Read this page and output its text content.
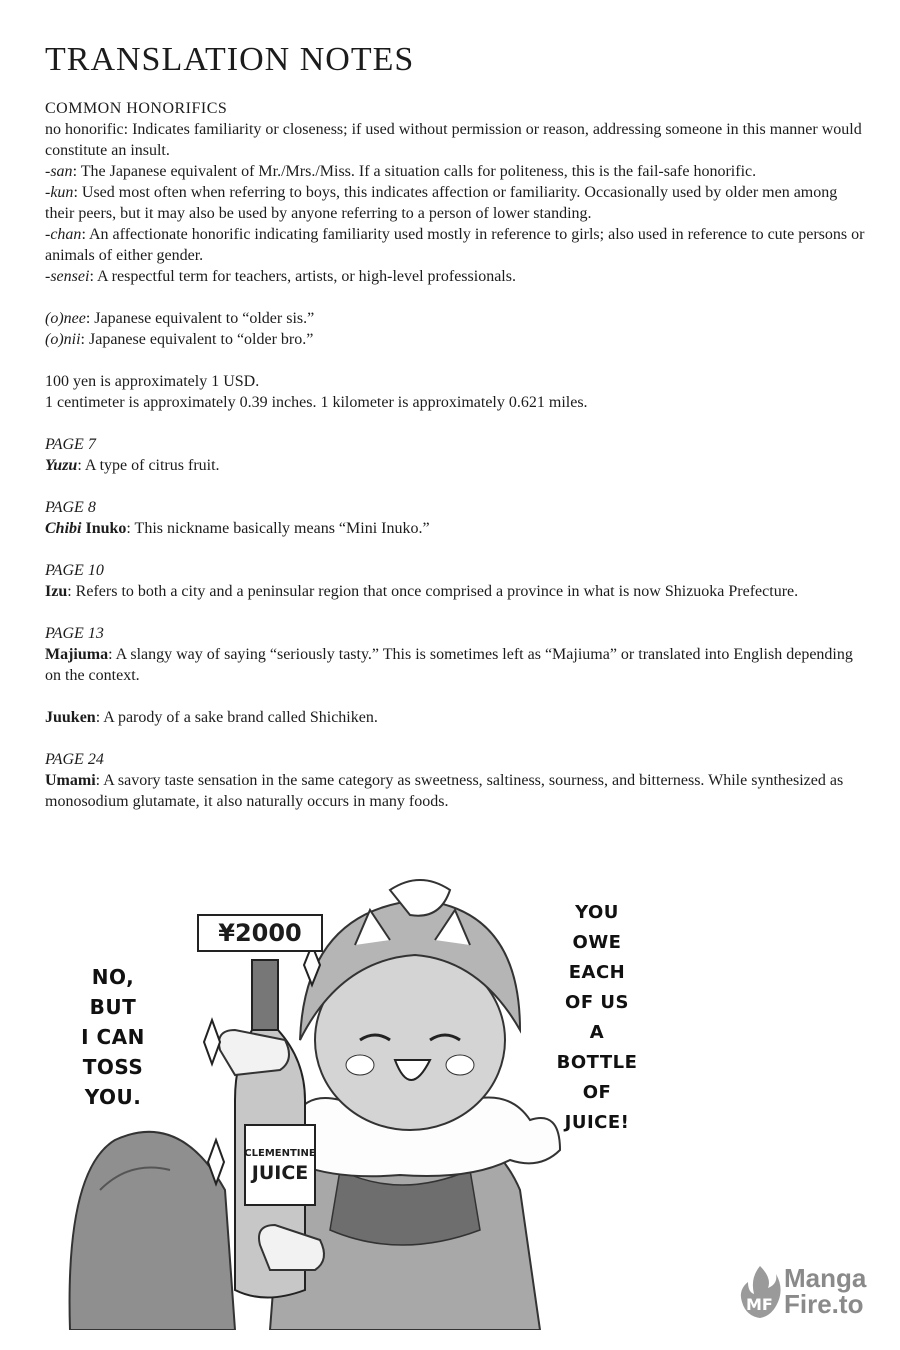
TRANSLATION NOTES
COMMON HONORIFICS

no honorific: Indicates familiarity or closeness; if used without permission or reason, addressing someone in this manner would constitute an insult.

-san: The Japanese equivalent of Mr./Mrs./Miss. If a situation calls for politeness, this is the fail-safe honorific.

-kun: Used most often when referring to boys, this indicates affection or familiarity. Occasionally used by older men among their peers, but it may also be used by anyone referring to a person of lower standing.

-chan: An affectionate honorific indicating familiarity used mostly in reference to girls; also used in reference to cute persons or animals of either gender.

-sensei: A respectful term for teachers, artists, or high-level professionals.

(o)nee: Japanese equivalent to “older sis.”

(o)nii: Japanese equivalent to “older bro.”

100 yen is approximately 1 USD.

1 centimeter is approximately 0.39 inches. 1 kilometer is approximately 0.621 miles.

PAGE 7

Yuzu: A type of citrus fruit.

PAGE 8

Chibi Inuko: This nickname basically means “Mini Inuko.”

PAGE 10

Izu: Refers to both a city and a peninsular region that once comprised a province in what is now Shizuoka Prefecture.

PAGE 13

Majiuma: A slangy way of saying “seriously tasty.” This is sometimes left as “Majiuma” or translated into English depending on the context.

Juuken: A parody of a sake brand called Shichiken.

PAGE 24

Umami: A savory taste sensation in the same category as sweetness, saltiness, sourness, and bitterness. While synthesized as monosodium glutamate, it also naturally occurs in many foods.

¥2000
CLEMENTINE
JUICE
NO,
BUT
I CAN
TOSS
YOU.
YOU
OWE
EACH
OF US
A
BOTTLE
OF
JUICE!
MF
Manga
Fire.to
